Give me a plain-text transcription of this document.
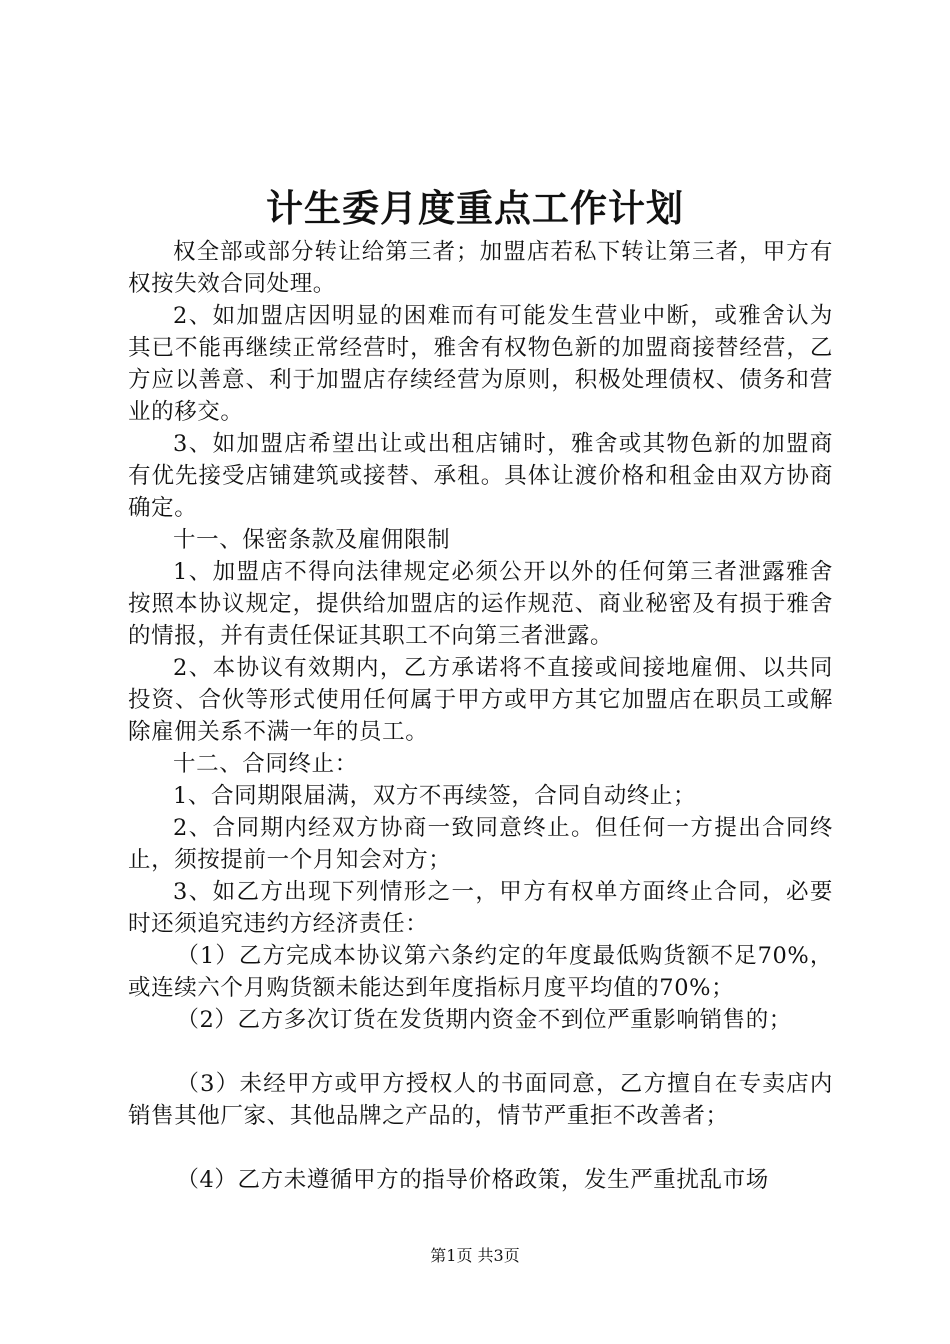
计生委月度重点工作计划

权全部或部分转让给第三者；加盟店若私下转让第三者，甲方有权按失效合同处理。

2、如加盟店因明显的困难而有可能发生营业中断，或雅舍认为其已不能再继续正常经营时，雅舍有权物色新的加盟商接替经营，乙方应以善意、利于加盟店存续经营为原则，积极处理债权、债务和营业的移交。

3、如加盟店希望出让或出租店铺时，雅舍或其物色新的加盟商有优先接受店铺建筑或接替、承租。具体让渡价格和租金由双方协商确定。

十一、保密条款及雇佣限制

1、加盟店不得向法律规定必须公开以外的任何第三者泄露雅舍按照本协议规定，提供给加盟店的运作规范、商业秘密及有损于雅舍的情报，并有责任保证其职工不向第三者泄露。

2、本协议有效期内，乙方承诺将不直接或间接地雇佣、以共同投资、合伙等形式使用任何属于甲方或甲方其它加盟店在职员工或解除雇佣关系不满一年的员工。

十二、合同终止：

1、合同期限届满，双方不再续签，合同自动终止；

2、合同期内经双方协商一致同意终止。但任何一方提出合同终止，须按提前一个月知会对方；

3、如乙方出现下列情形之一，甲方有权单方面终止合同，必要时还须追究违约方经济责任：

（1）乙方完成本协议第六条约定的年度最低购货额不足70%，或连续六个月购货额未能达到年度指标月度平均值的70%；

（2）乙方多次订货在发货期内资金不到位严重影响销售的；

（3）未经甲方或甲方授权人的书面同意，乙方擅自在专卖店内销售其他厂家、其他品牌之产品的，情节严重拒不改善者；

（4）乙方未遵循甲方的指导价格政策，发生严重扰乱市场

第1页 共3页
